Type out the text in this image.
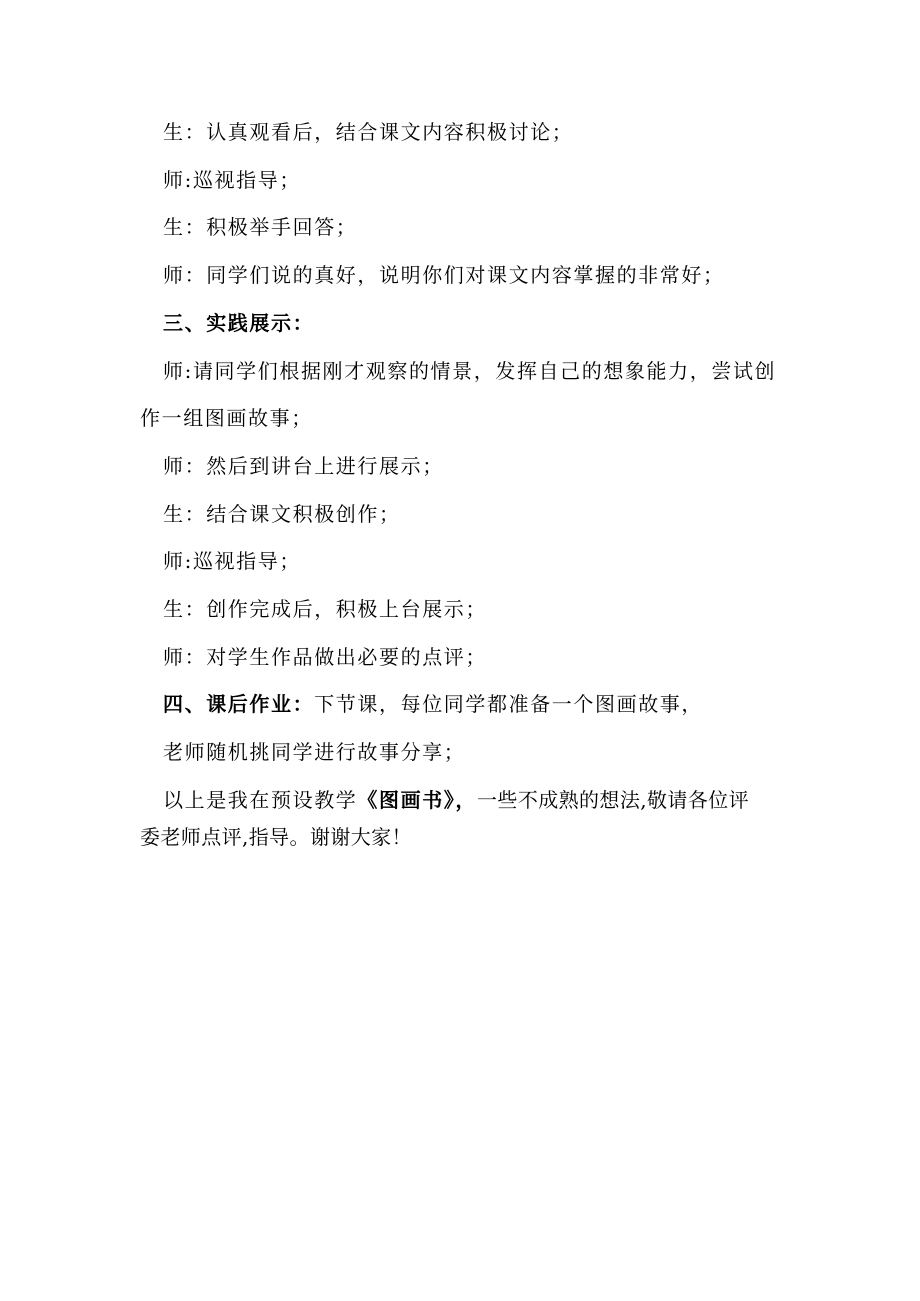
生：认真观看后，结合课文内容积极讨论；
师:巡视指导；
生：积极举手回答；
师：同学们说的真好，说明你们对课文内容掌握的非常好；
三、实践展示：
师:请同学们根据刚才观察的情景，发挥自己的想象能力，尝试创
作一组图画故事；
师：然后到讲台上进行展示；
生：结合课文积极创作；
师:巡视指导；
生：创作完成后，积极上台展示；
师：对学生作品做出必要的点评；
四、课后作业：下节课，每位同学都准备一个图画故事，
老师随机挑同学进行故事分享；
以上是我在预设教学《图画书》，一些不成熟的想法,敬请各位评
委老师点评,指导。谢谢大家！
